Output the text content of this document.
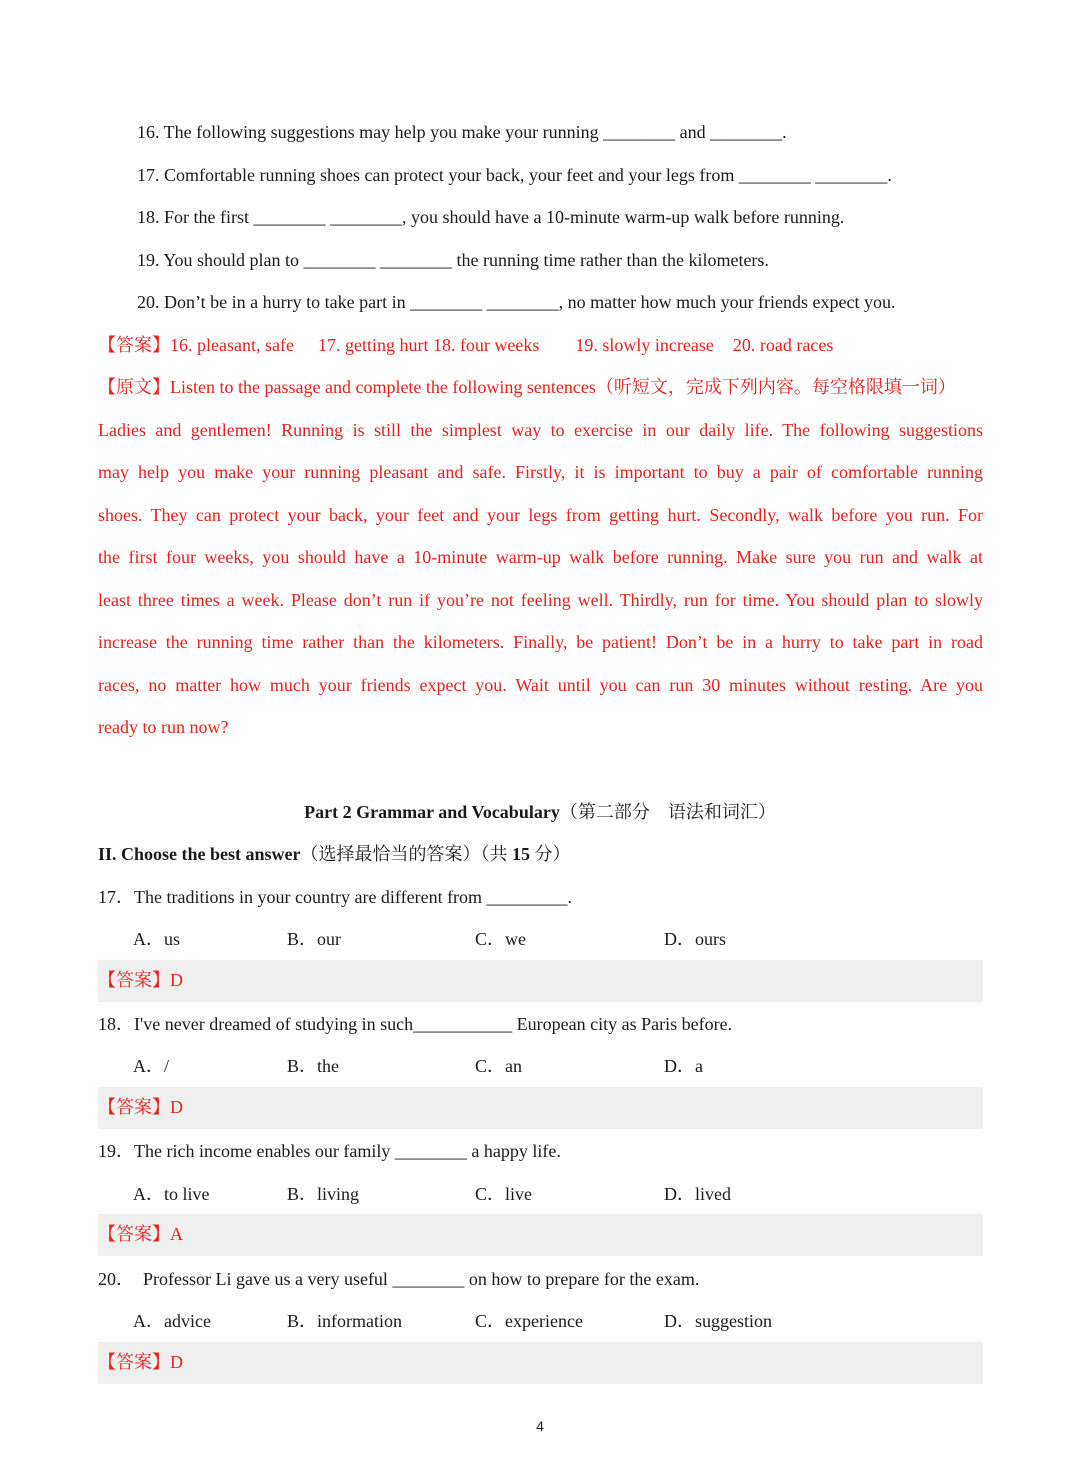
16. The following suggestions may help you make your running ________ and ________.
17. Comfortable running shoes can protect your back, your feet and your legs from ________ ________.
18. For the first ________ ________, you should have a 10-minute warm-up walk before running.
19. You should plan to ________ ________ the running time rather than the kilometers.
20. Don’t be in a hurry to take part in ________ ________, no matter how much your friends expect you.
【答案】16. pleasant, safe 17. getting hurt 18. four weeks 19. slowly increase 20. road races
【原文】Listen to the passage and complete the following sentences（听短文，完成下列内容。每空格限填一词）
Ladies and gentlemen! Running is still the simplest way to exercise in our daily life. The following suggestions
may help you make your running pleasant and safe. Firstly, it is important to buy a pair of comfortable running
shoes. They can protect your back, your feet and your legs from getting hurt. Secondly, walk before you run. For
the first four weeks, you should have a 10-minute warm-up walk before running. Make sure you run and walk at
least three times a week. Please don’t run if you’re not feeling well. Thirdly, run for time. You should plan to slowly
increase the running time rather than the kilometers. Finally, be patient! Don’t be in a hurry to take part in road
races, no matter how much your friends expect you. Wait until you can run 30 minutes without resting. Are you
ready to run now?
Part 2 Grammar and Vocabulary（第二部分　语法和词汇）
II. Choose the best answer（选择最恰当的答案）（共 15 分）
17．The traditions in your country are different from _________.
A．us	B．our	C．we	D．ours
【答案】D
18．I've never dreamed of studying in such___________ European city as Paris before.
A．/	B．the	C．an	D．a
【答案】D
19．The rich income enables our family ________ a happy life.
A．to live	B．living	C．live	D．lived
【答案】A
20．　Professor Li gave us a very useful ________ on how to prepare for the exam.
A．advice	B．information	C．experience	D．suggestion
【答案】D
4
